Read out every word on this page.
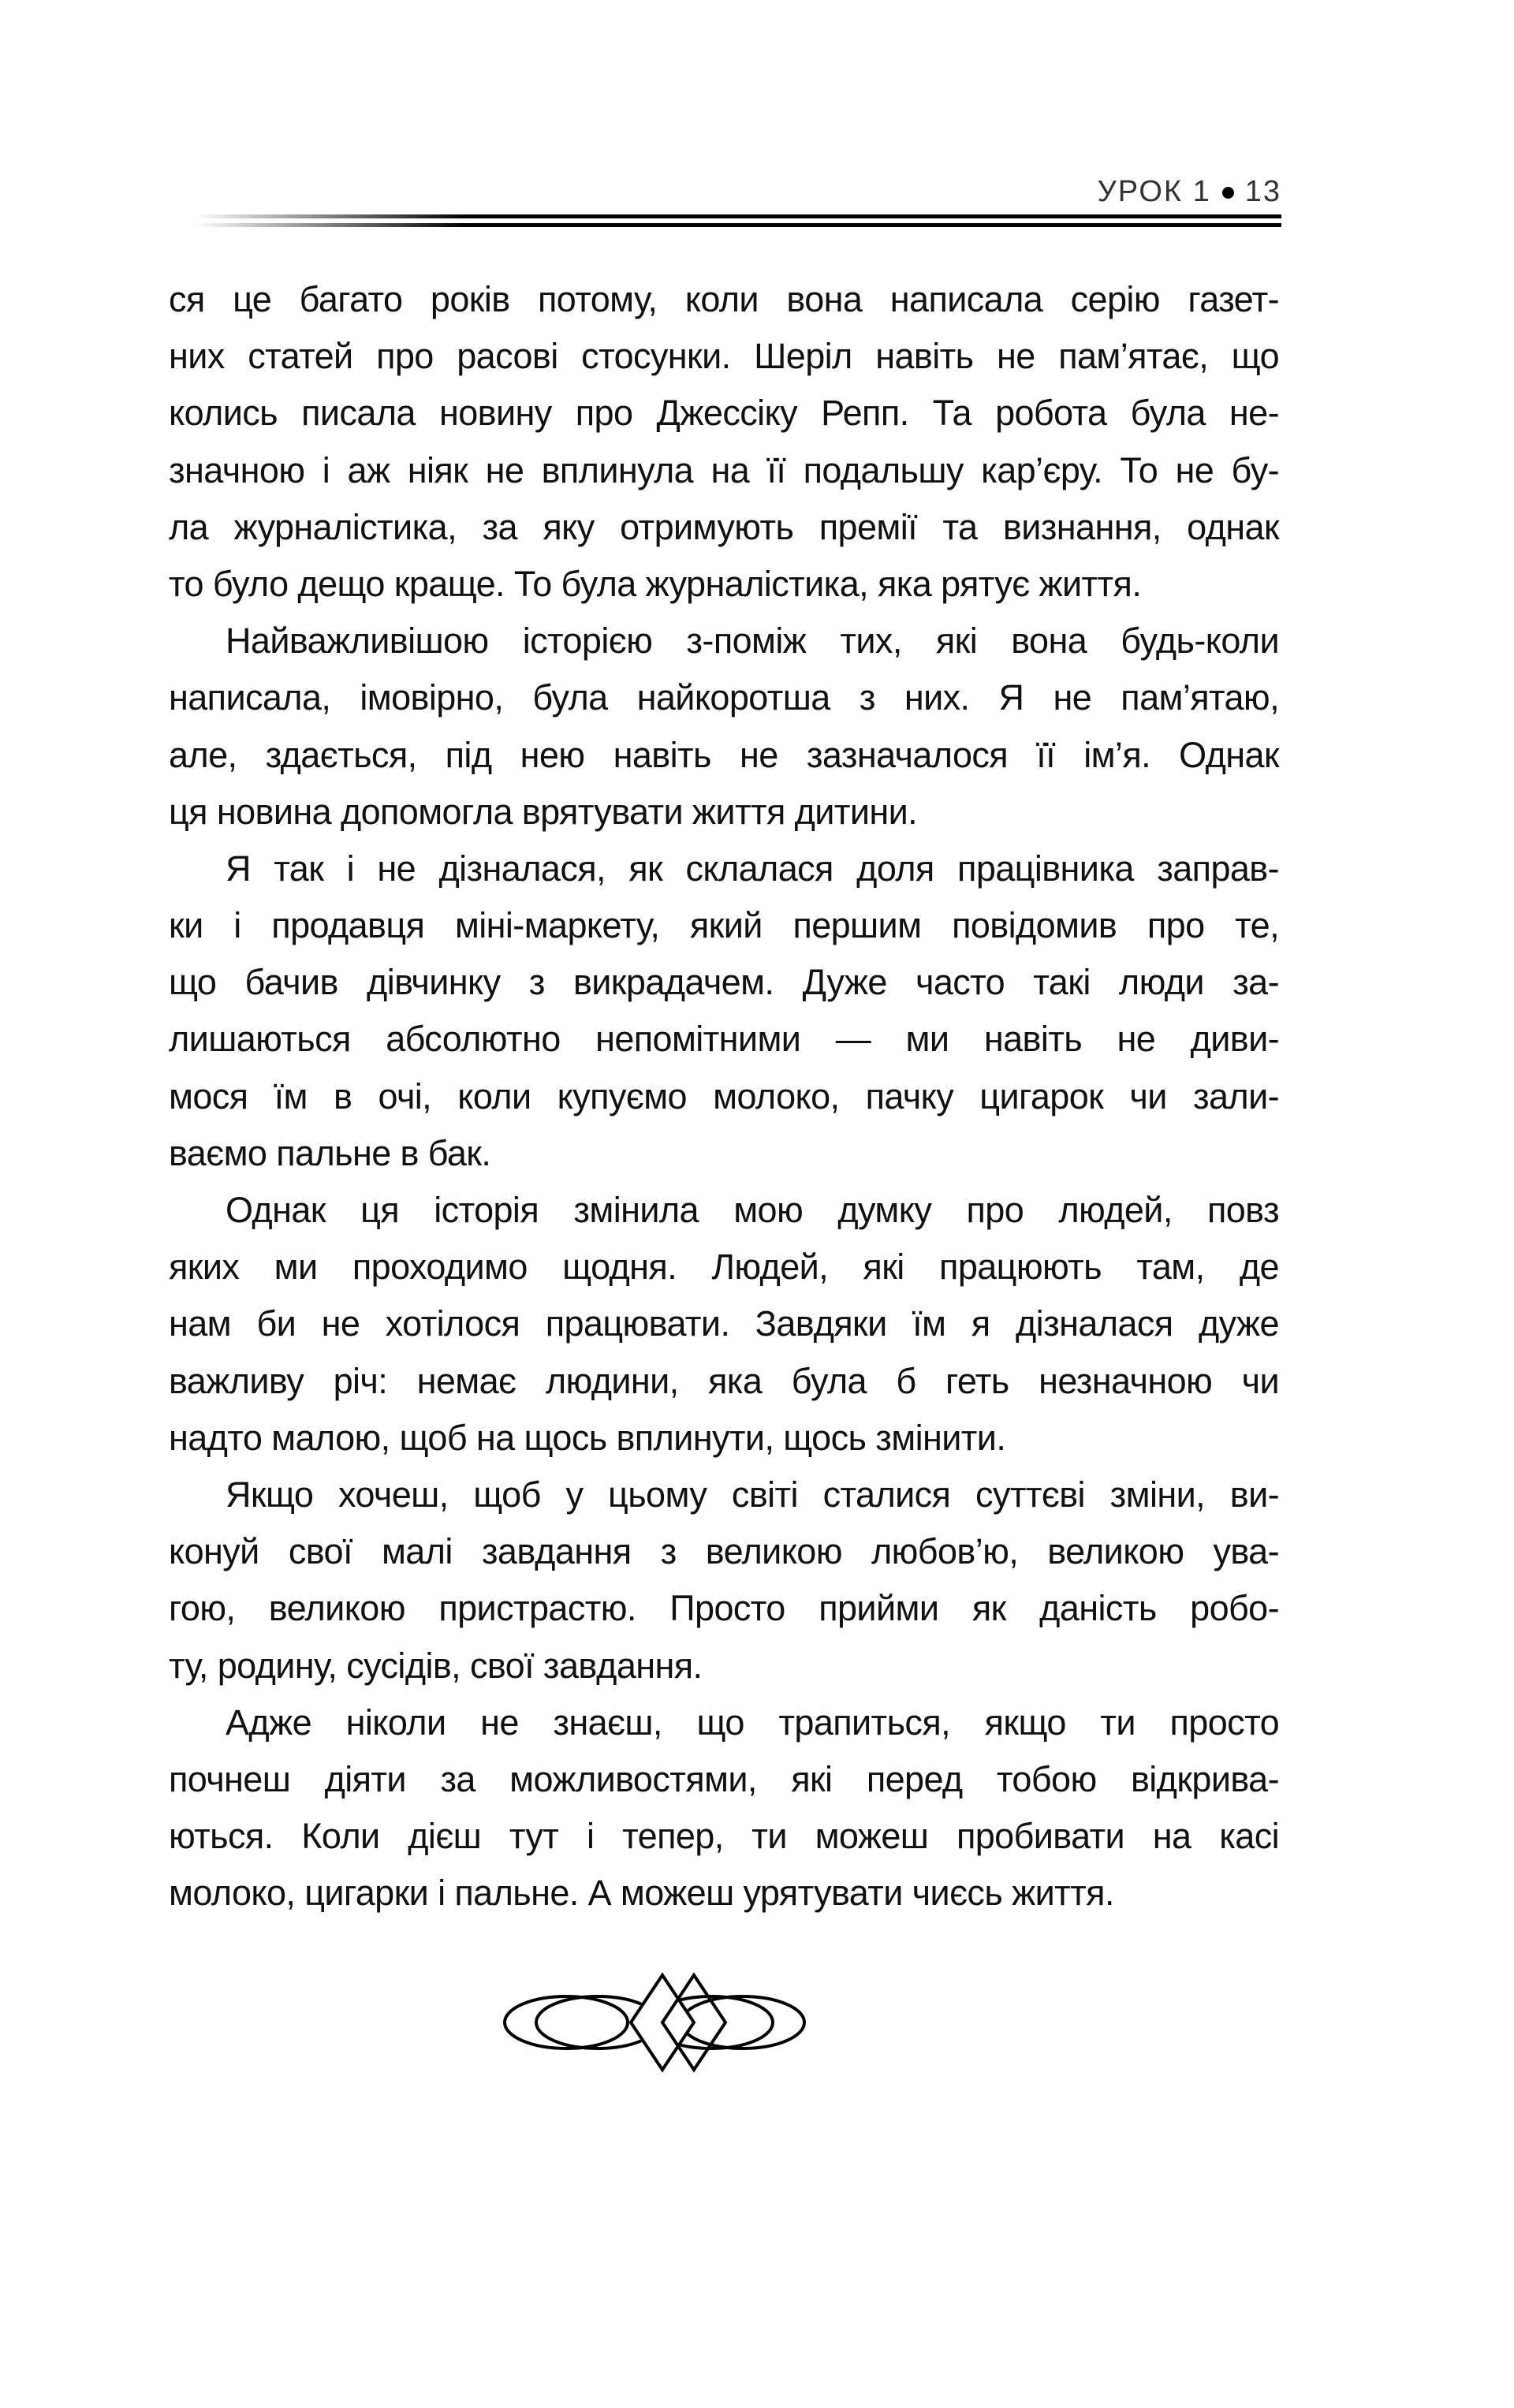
УРОК 1 13
ся це багато років потому, коли вона написала серію газет-
них статей про расові стосунки. Шеріл навіть не пам’ятає, що
колись писала новину про Джессіку Репп. Та робота була не-
значною і аж ніяк не вплинула на її подальшу кар’єру. То не бу-
ла журналістика, за яку отримують премії та визнання, однак
то було дещо краще. То була журналістика, яка рятує життя.
Найважливішою історією з-поміж тих, які вона будь-коли
написала, імовірно, була найкоротша з них. Я не пам’ятаю,
але, здається, під нею навіть не зазначалося її ім’я. Однак
ця новина допомогла врятувати життя дитини.
Я так і не дізналася, як склалася доля працівника заправ-
ки і продавця міні-маркету, який першим повідомив про те,
що бачив дівчинку з викрадачем. Дуже часто такі люди за-
лишаються абсолютно непомітними — ми навіть не диви-
мося їм в очі, коли купуємо молоко, пачку цигарок чи зали-
ваємо пальне в бак.
Однак ця історія змінила мою думку про людей, повз
яких ми проходимо щодня. Людей, які працюють там, де
нам би не хотілося працювати. Завдяки їм я дізналася дуже
важливу річ: немає людини, яка була б геть незначною чи
надто малою, щоб на щось вплинути, щось змінити.
Якщо хочеш, щоб у цьому світі сталися суттєві зміни, ви-
конуй свої малі завдання з великою любов’ю, великою ува-
гою, великою пристрастю. Просто прийми як даність робо-
ту, родину, сусідів, свої завдання.
Адже ніколи не знаєш, що трапиться, якщо ти просто
почнеш діяти за можливостями, які перед тобою відкрива-
ються. Коли дієш тут і тепер, ти можеш пробивати на касі
молоко, цигарки і пальне. А можеш урятувати чиєсь життя.
